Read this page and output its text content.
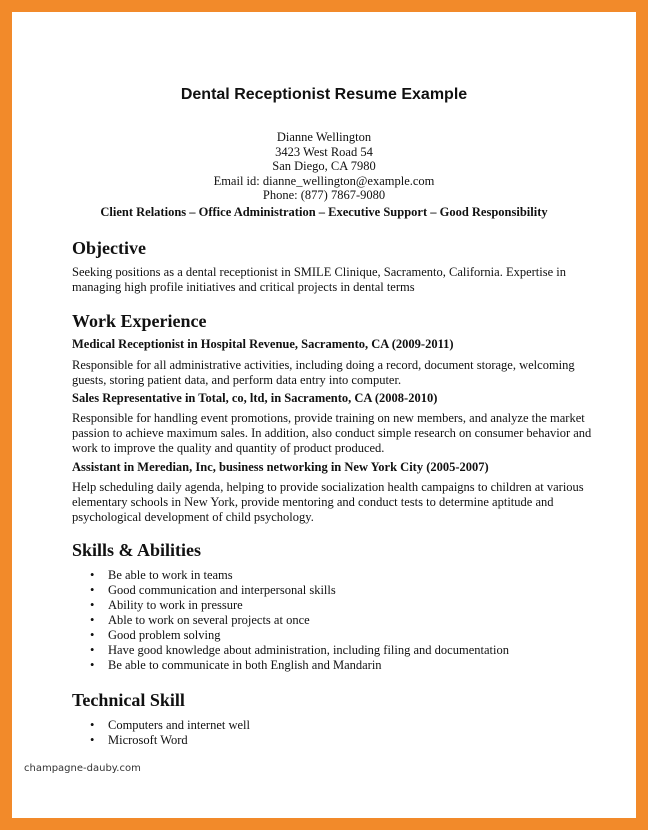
Dental Receptionist Resume Example
Dianne Wellington
3423 West Road 54
San Diego, CA 7980
Email id: dianne_wellington@example.com
Phone: (877) 7867-9080
Client Relations – Office Administration – Executive Support – Good Responsibility
Objective
Seeking positions as a dental receptionist in SMILE Clinique, Sacramento, California. Expertise in
managing high profile initiatives and critical projects in dental terms
Work Experience
Medical Receptionist in Hospital Revenue, Sacramento, CA (2009-2011)
Responsible for all administrative activities, including doing a record, document storage, welcoming
guests, storing patient data, and perform data entry into computer.
Sales Representative in Total, co, ltd, in Sacramento, CA (2008-2010)
Responsible for handling event promotions, provide training on new members, and analyze the market
passion to achieve maximum sales. In addition, also conduct simple research on consumer behavior and
work to improve the quality and quantity of product produced.
Assistant in Meredian, Inc, business networking in New York City (2005-2007)
Help scheduling daily agenda, helping to provide socialization health campaigns to children at various
elementary schools in New York, provide mentoring and conduct tests to determine aptitude and
psychological development of child psychology.
Skills & Abilities
• Be able to work in teams
• Good communication and interpersonal skills
• Ability to work in pressure
• Able to work on several projects at once
• Good problem solving
• Have good knowledge about administration, including filing and documentation
• Be able to communicate in both English and Mandarin
Technical Skill
• Computers and internet well
• Microsoft Word
champagne-dauby.com
